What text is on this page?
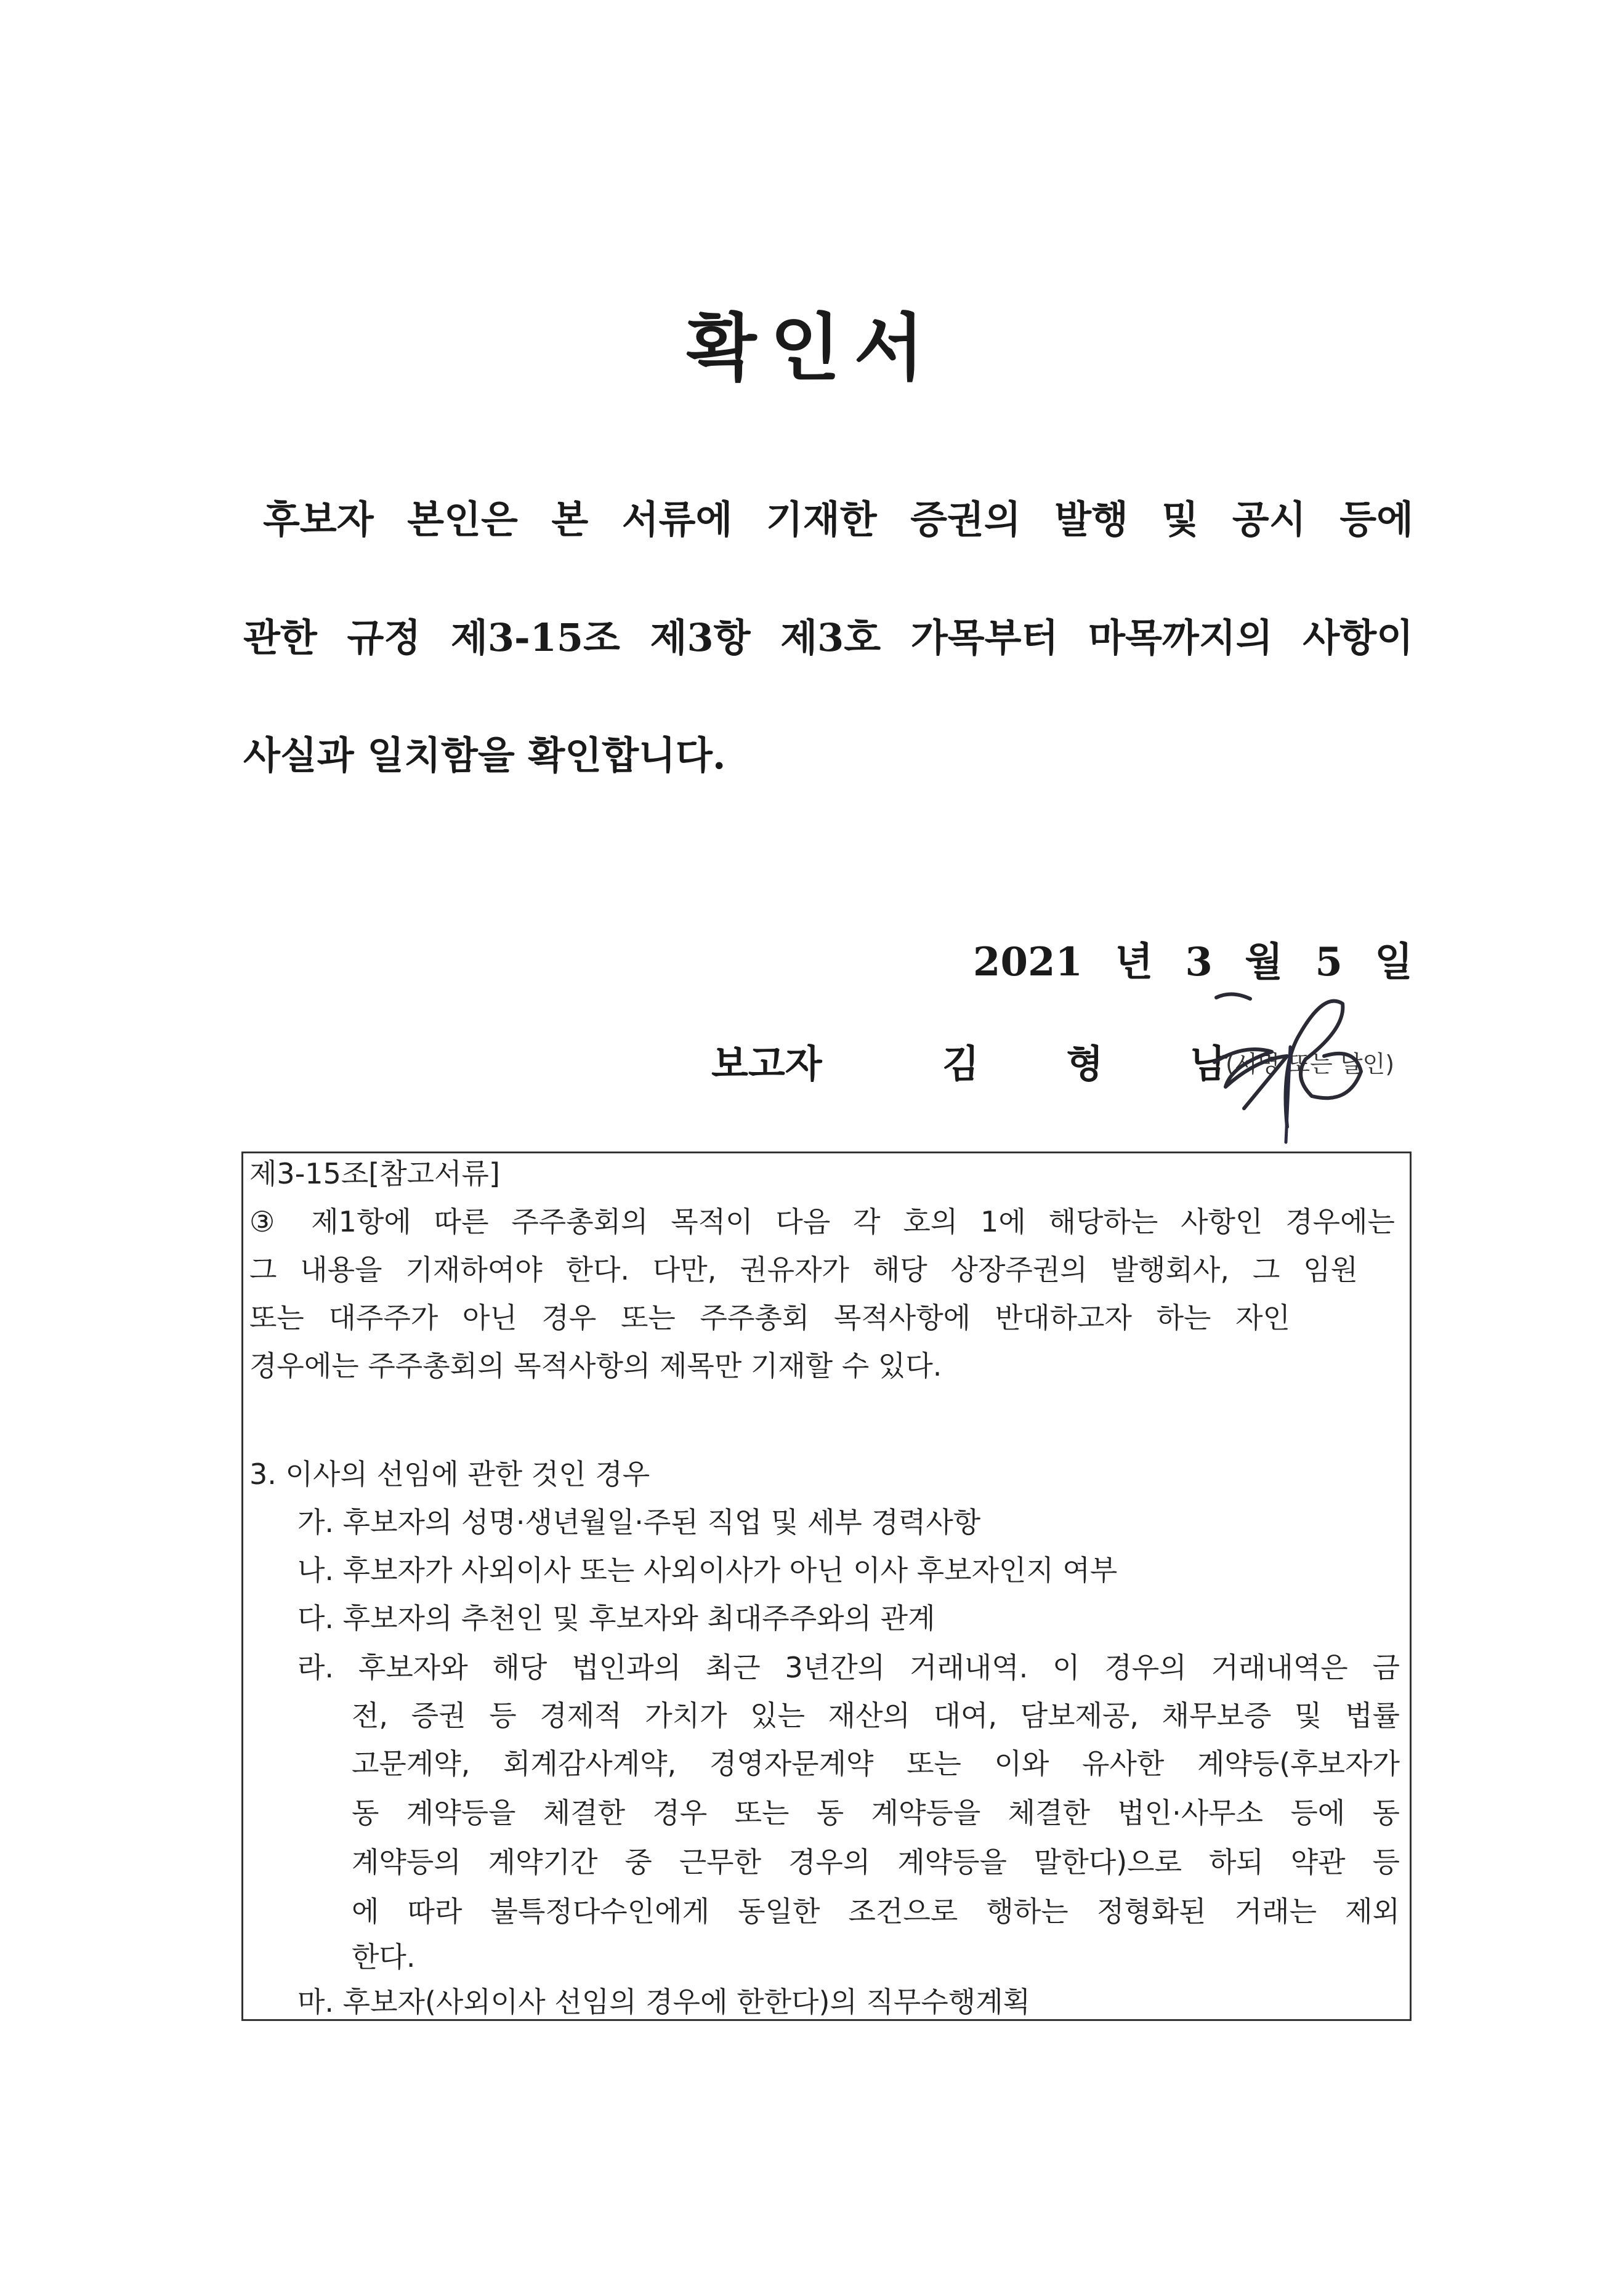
확인서
후보자 본인은 본 서류에 기재한 증권의 발행 및 공시 등에
관한 규정 제3-15조 제3항 제3호 가목부터 마목까지의 사항이
사실과 일치함을 확인합니다.
2021 년 3 월 5 일
보고자	김 형 남
(서명 또는 날인)
제3-15조[참고서류]
③ 제1항에 따른 주주총회의 목적이 다음 각 호의 1에 해당하는 사항인 경우에는
그 내용을 기재하여야 한다. 다만, 권유자가 해당 상장주권의 발행회사, 그 임원
또는 대주주가 아닌 경우 또는 주주총회 목적사항에 반대하고자 하는 자인
경우에는 주주총회의 목적사항의 제목만 기재할 수 있다.
3. 이사의 선임에 관한 것인 경우
가. 후보자의 성명·생년월일·주된 직업 및 세부 경력사항
나. 후보자가 사외이사 또는 사외이사가 아닌 이사 후보자인지 여부
다. 후보자의 추천인 및 후보자와 최대주주와의 관계
라. 후보자와 해당 법인과의 최근 3년간의 거래내역. 이 경우의 거래내역은 금
전, 증권 등 경제적 가치가 있는 재산의 대여, 담보제공, 채무보증 및 법률
고문계약, 회계감사계약, 경영자문계약 또는 이와 유사한 계약등(후보자가
동 계약등을 체결한 경우 또는 동 계약등을 체결한 법인·사무소 등에 동
계약등의 계약기간 중 근무한 경우의 계약등을 말한다)으로 하되 약관 등
에 따라 불특정다수인에게 동일한 조건으로 행하는 정형화된 거래는 제외
한다.
마. 후보자(사외이사 선임의 경우에 한한다)의 직무수행계획
